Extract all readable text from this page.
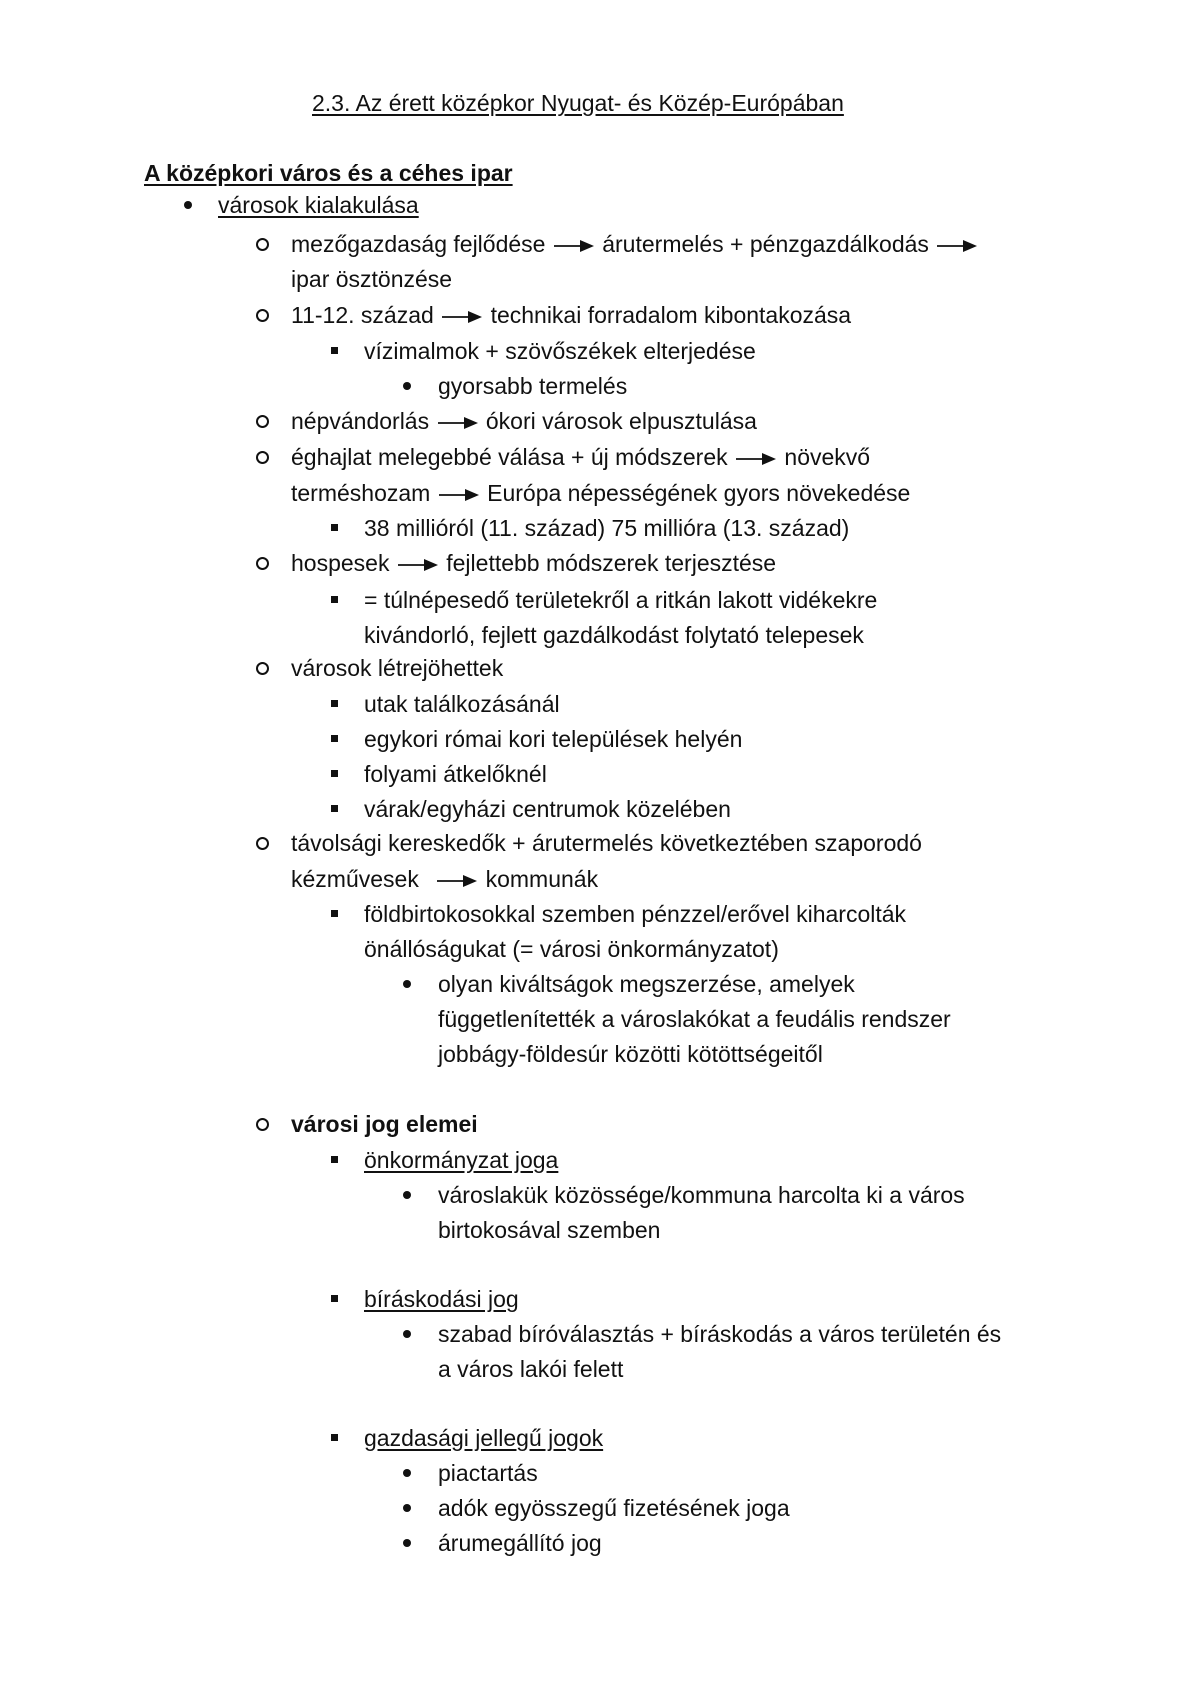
2.3. Az érett középkor Nyugat- és Közép-Európában
A középkori város és a céhes ipar
városok kialakulása
mezőgazdaság fejlődése árutermelés + pénzgazdálkodás
ipar ösztönzése
11-12. század technikai forradalom kibontakozása
vízimalmok + szövőszékek elterjedése
gyorsabb termelés
népvándorlás ókori városok elpusztulása
éghajlat melegebbé válása + új módszerek növekvő
terméshozam Európa népességének gyors növekedése
38 millióról (11. század) 75 millióra (13. század)
hospesek fejlettebb módszerek terjesztése
= túlnépesedő területekről a ritkán lakott vidékekre
kivándorló, fejlett gazdálkodást folytató telepesek
városok létrejöhettek
utak találkozásánál
egykori római kori települések helyén
folyami átkelőknél
várak/egyházi centrumok közelében
távolsági kereskedők + árutermelés következtében szaporodó
kézművesek	kommunák
földbirtokosokkal szemben pénzzel/erővel kiharcolták
önállóságukat (= városi önkormányzatot)
olyan kiváltságok megszerzése, amelyek
függetlenítették a városlakókat a feudális rendszer
jobbágy-földesúr közötti kötöttségeitől
városi jog elemei
önkormányzat joga
városlakük közössége/kommuna harcolta ki a város
birtokosával szemben
bíráskodási jog
szabad bíróválasztás + bíráskodás a város területén és
a város lakói felett
gazdasági jellegű jogok
piactartás
adók egyösszegű fizetésének joga
árumegállító jog
